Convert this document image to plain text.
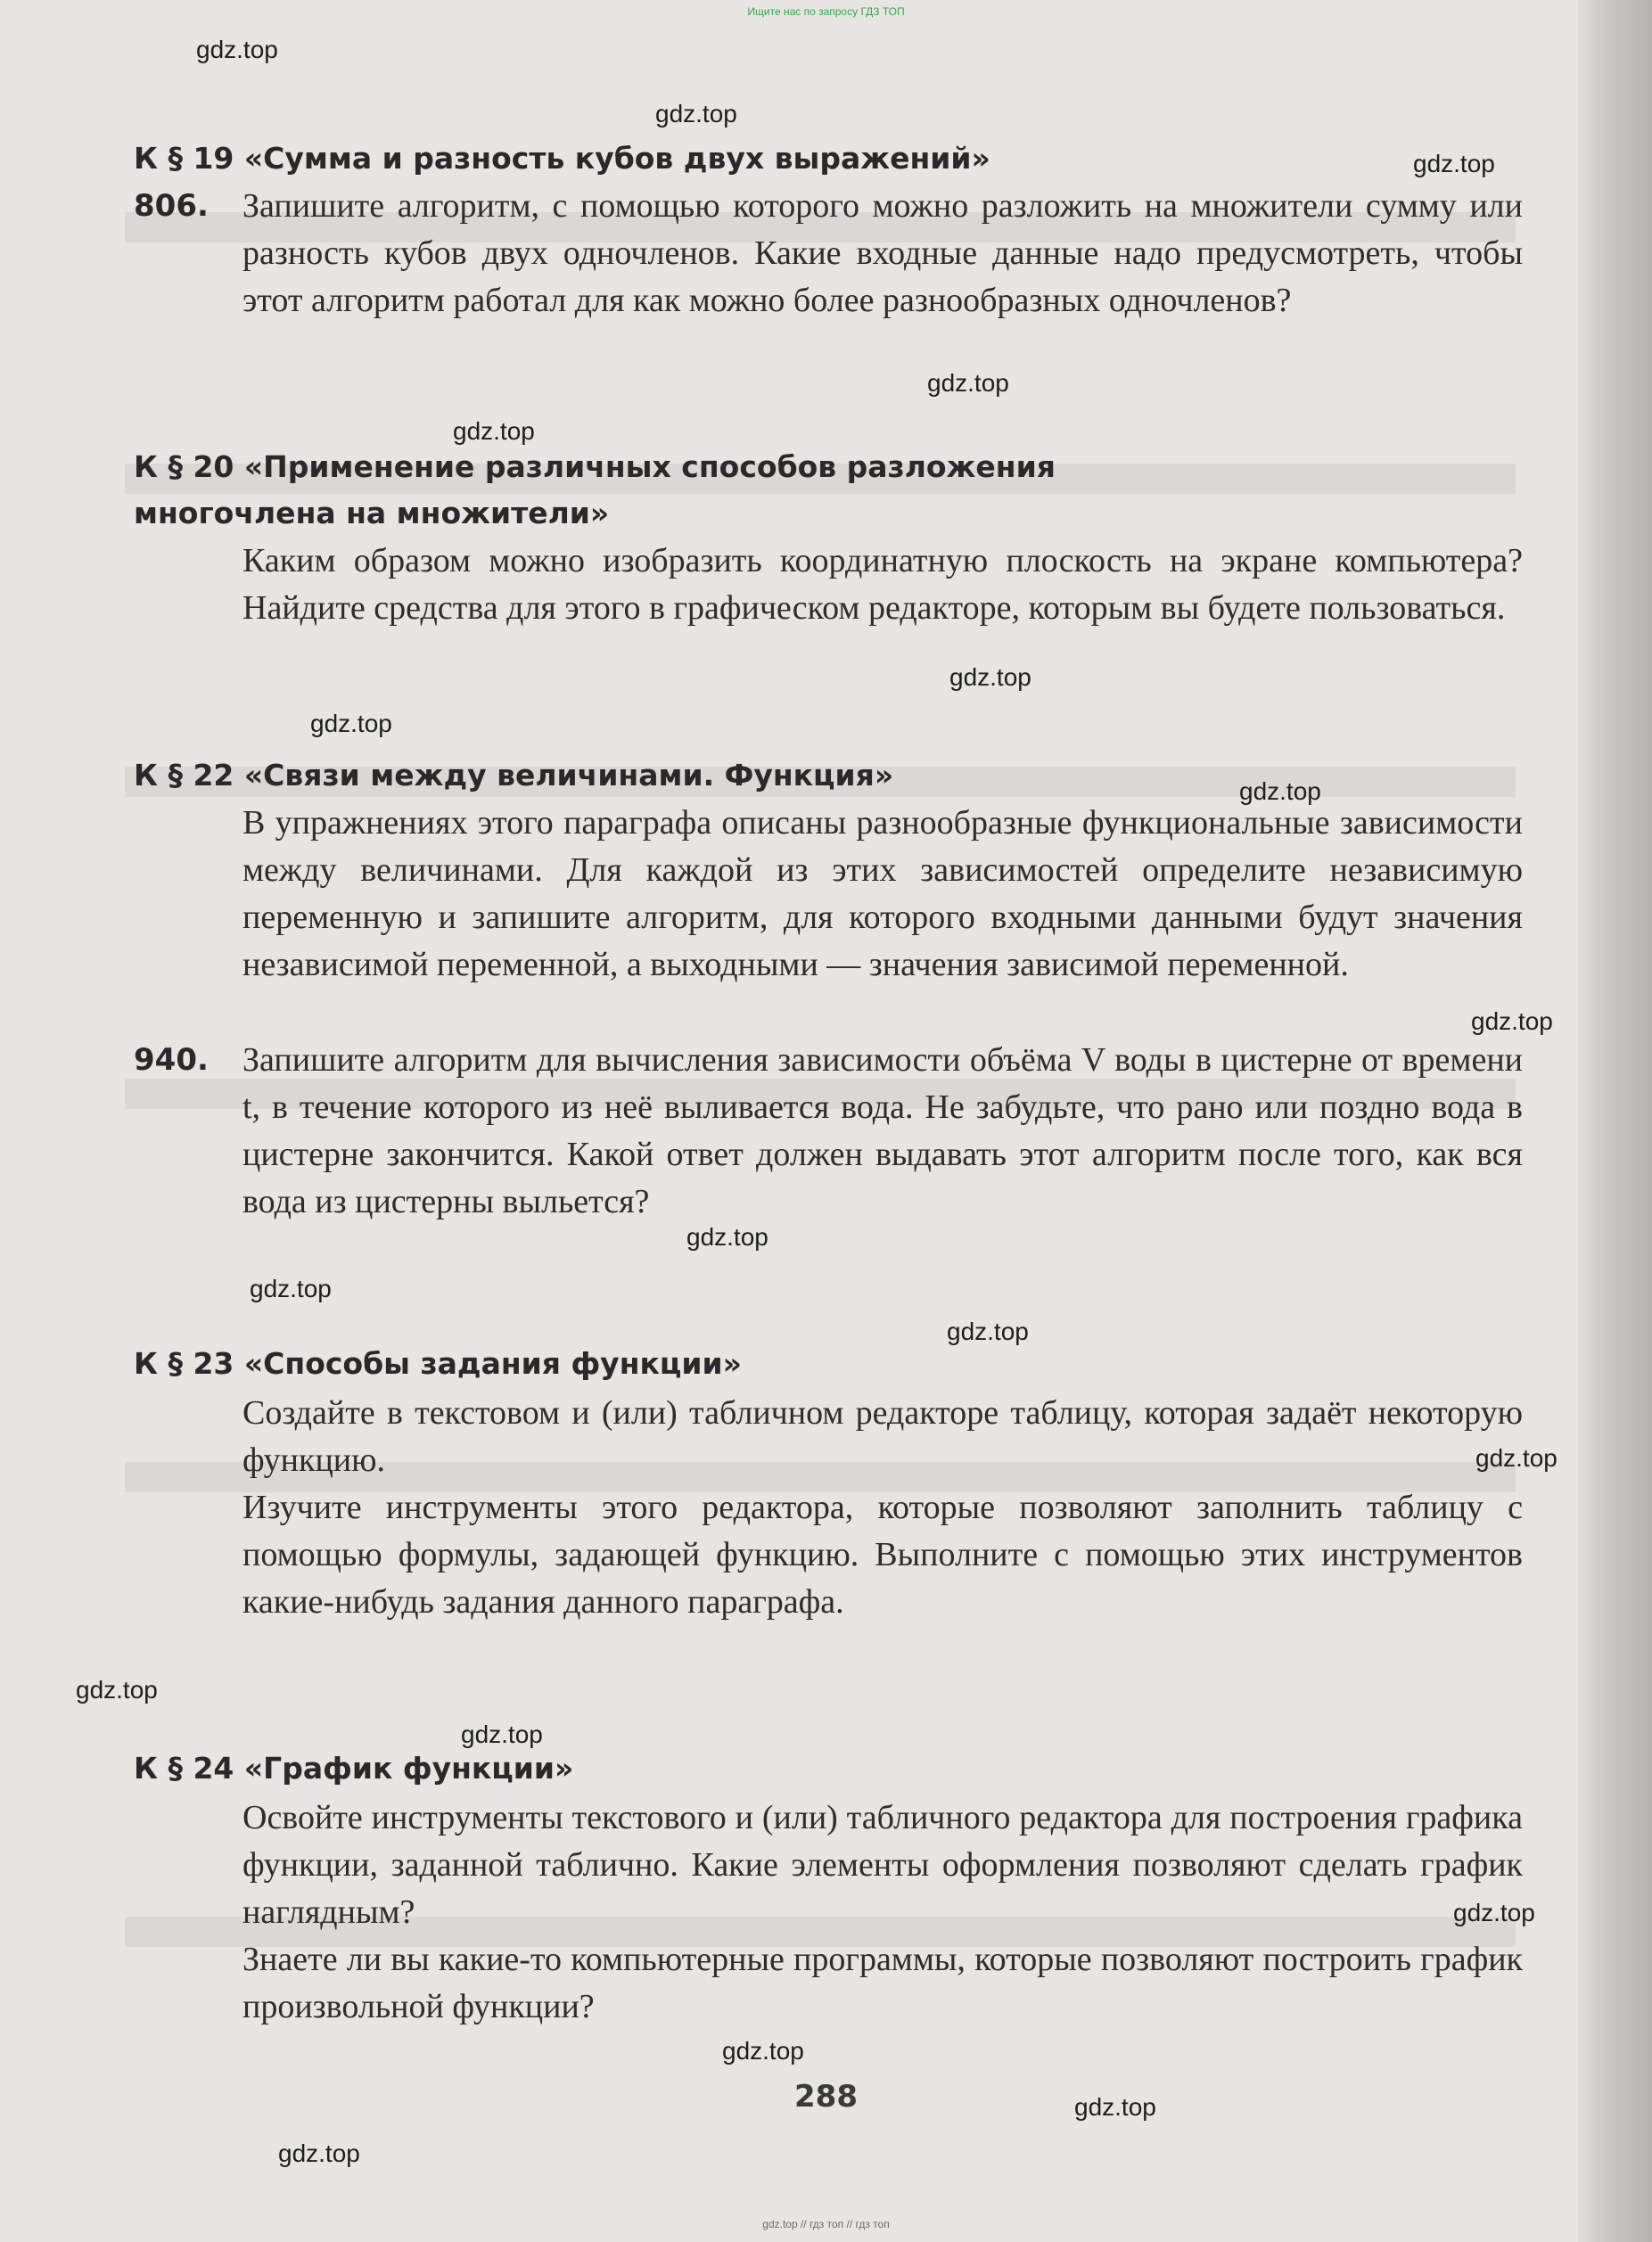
Ищите нас по запросу ГДЗ ТОП
gdz.top
gdz.top
gdz.top
gdz.top
gdz.top
gdz.top
gdz.top
gdz.top
gdz.top
gdz.top
gdz.top
gdz.top
gdz.top
gdz.top
gdz.top
gdz.top
gdz.top
gdz.top
gdz.top
К § 19 «Сумма и разность кубов двух выражений»
806. Запишите алгоритм, с помощью которого можно разложить на множители сумму или разность кубов двух одночленов. Какие входные данные надо предусмотреть, чтобы этот алгоритм работал для как можно более разнообразных одночленов?
К § 20 «Применение различных способов разложения
многочлена на множители»
Каким образом можно изобразить координатную плоскость на экране компьютера? Найдите средства для этого в графическом редакторе, которым вы будете пользоваться.
К § 22 «Связи между величинами. Функция»
В упражнениях этого параграфа описаны разнообразные функциональные зависимости между величинами. Для каждой из этих зависимостей определите независимую переменную и запишите алгоритм, для которого входными данными будут значения независимой переменной, а выходными — значения зависимой переменной.
940. Запишите алгоритм для вычисления зависимости объёма V воды в цистерне от времени t, в течение которого из неё выливается вода. Не забудьте, что рано или поздно вода в цистерне закончится. Какой ответ должен выдавать этот алгоритм после того, как вся вода из цистерны выльется?
К § 23 «Способы задания функции»
Создайте в текстовом и (или) табличном редакторе таблицу, которая задаёт некоторую функцию.
Изучите инструменты этого редактора, которые позволяют заполнить таблицу с помощью формулы, задающей функцию. Выполните с помощью этих инструментов какие-нибудь задания данного параграфа.
К § 24 «График функции»
Освойте инструменты текстового и (или) табличного редактора для построения графика функции, заданной таблично. Какие элементы оформления позволяют сделать график наглядным?
Знаете ли вы какие-то компьютерные программы, которые позволяют построить график произвольной функции?
288
gdz.top // гдз топ // гдз топ
